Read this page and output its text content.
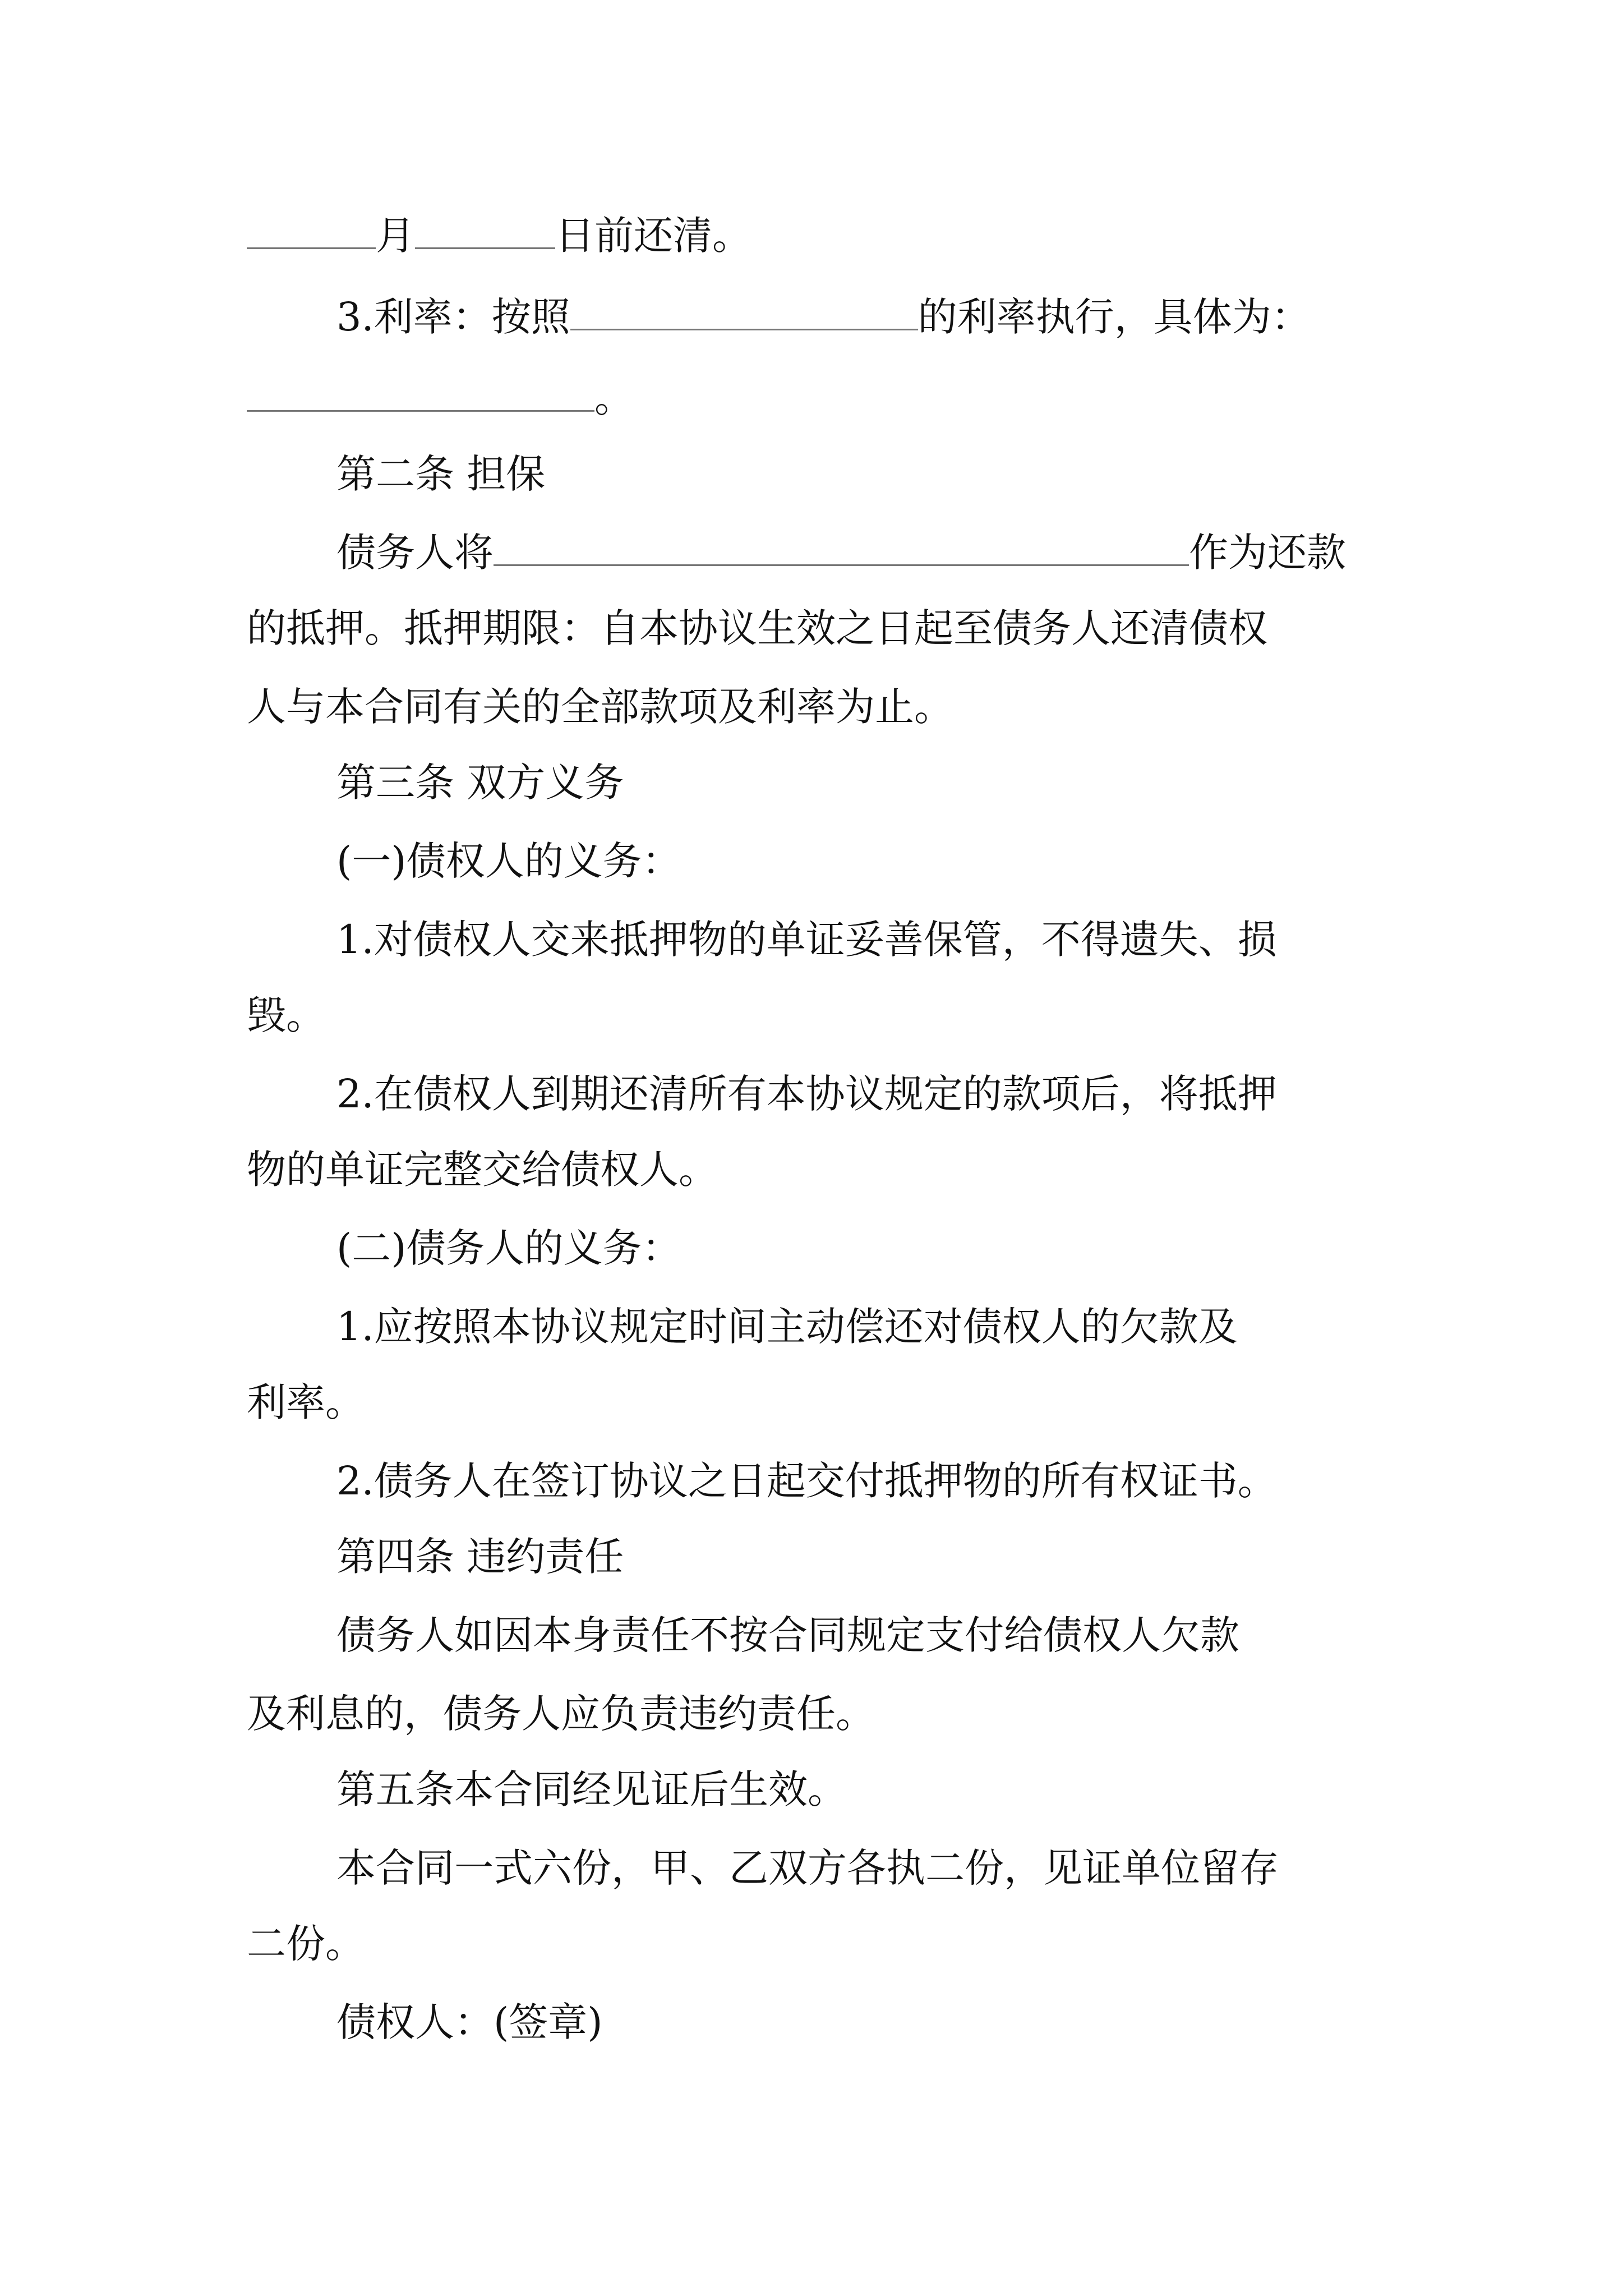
月	日前还清。
3.利率：按照	的利率执行，具体为：
。
第二条 担保
债务人将	作为还款
的抵押。抵押期限：自本协议生效之日起至债务人还清债权
人与本合同有关的全部款项及利率为止。
第三条 双方义务
(一)债权人的义务：
1.对债权人交来抵押物的单证妥善保管，不得遗失、损
毁。
2.在债权人到期还清所有本协议规定的款项后，将抵押
物的单证完整交给债权人。
(二)债务人的义务：
1.应按照本协议规定时间主动偿还对债权人的欠款及
利率。
2.债务人在签订协议之日起交付抵押物的所有权证书。
第四条 违约责任
债务人如因本身责任不按合同规定支付给债权人欠款
及利息的，债务人应负责违约责任。
第五条本合同经见证后生效。
本合同一式六份，甲、乙双方各执二份，见证单位留存
二份。
债权人：(签章)
